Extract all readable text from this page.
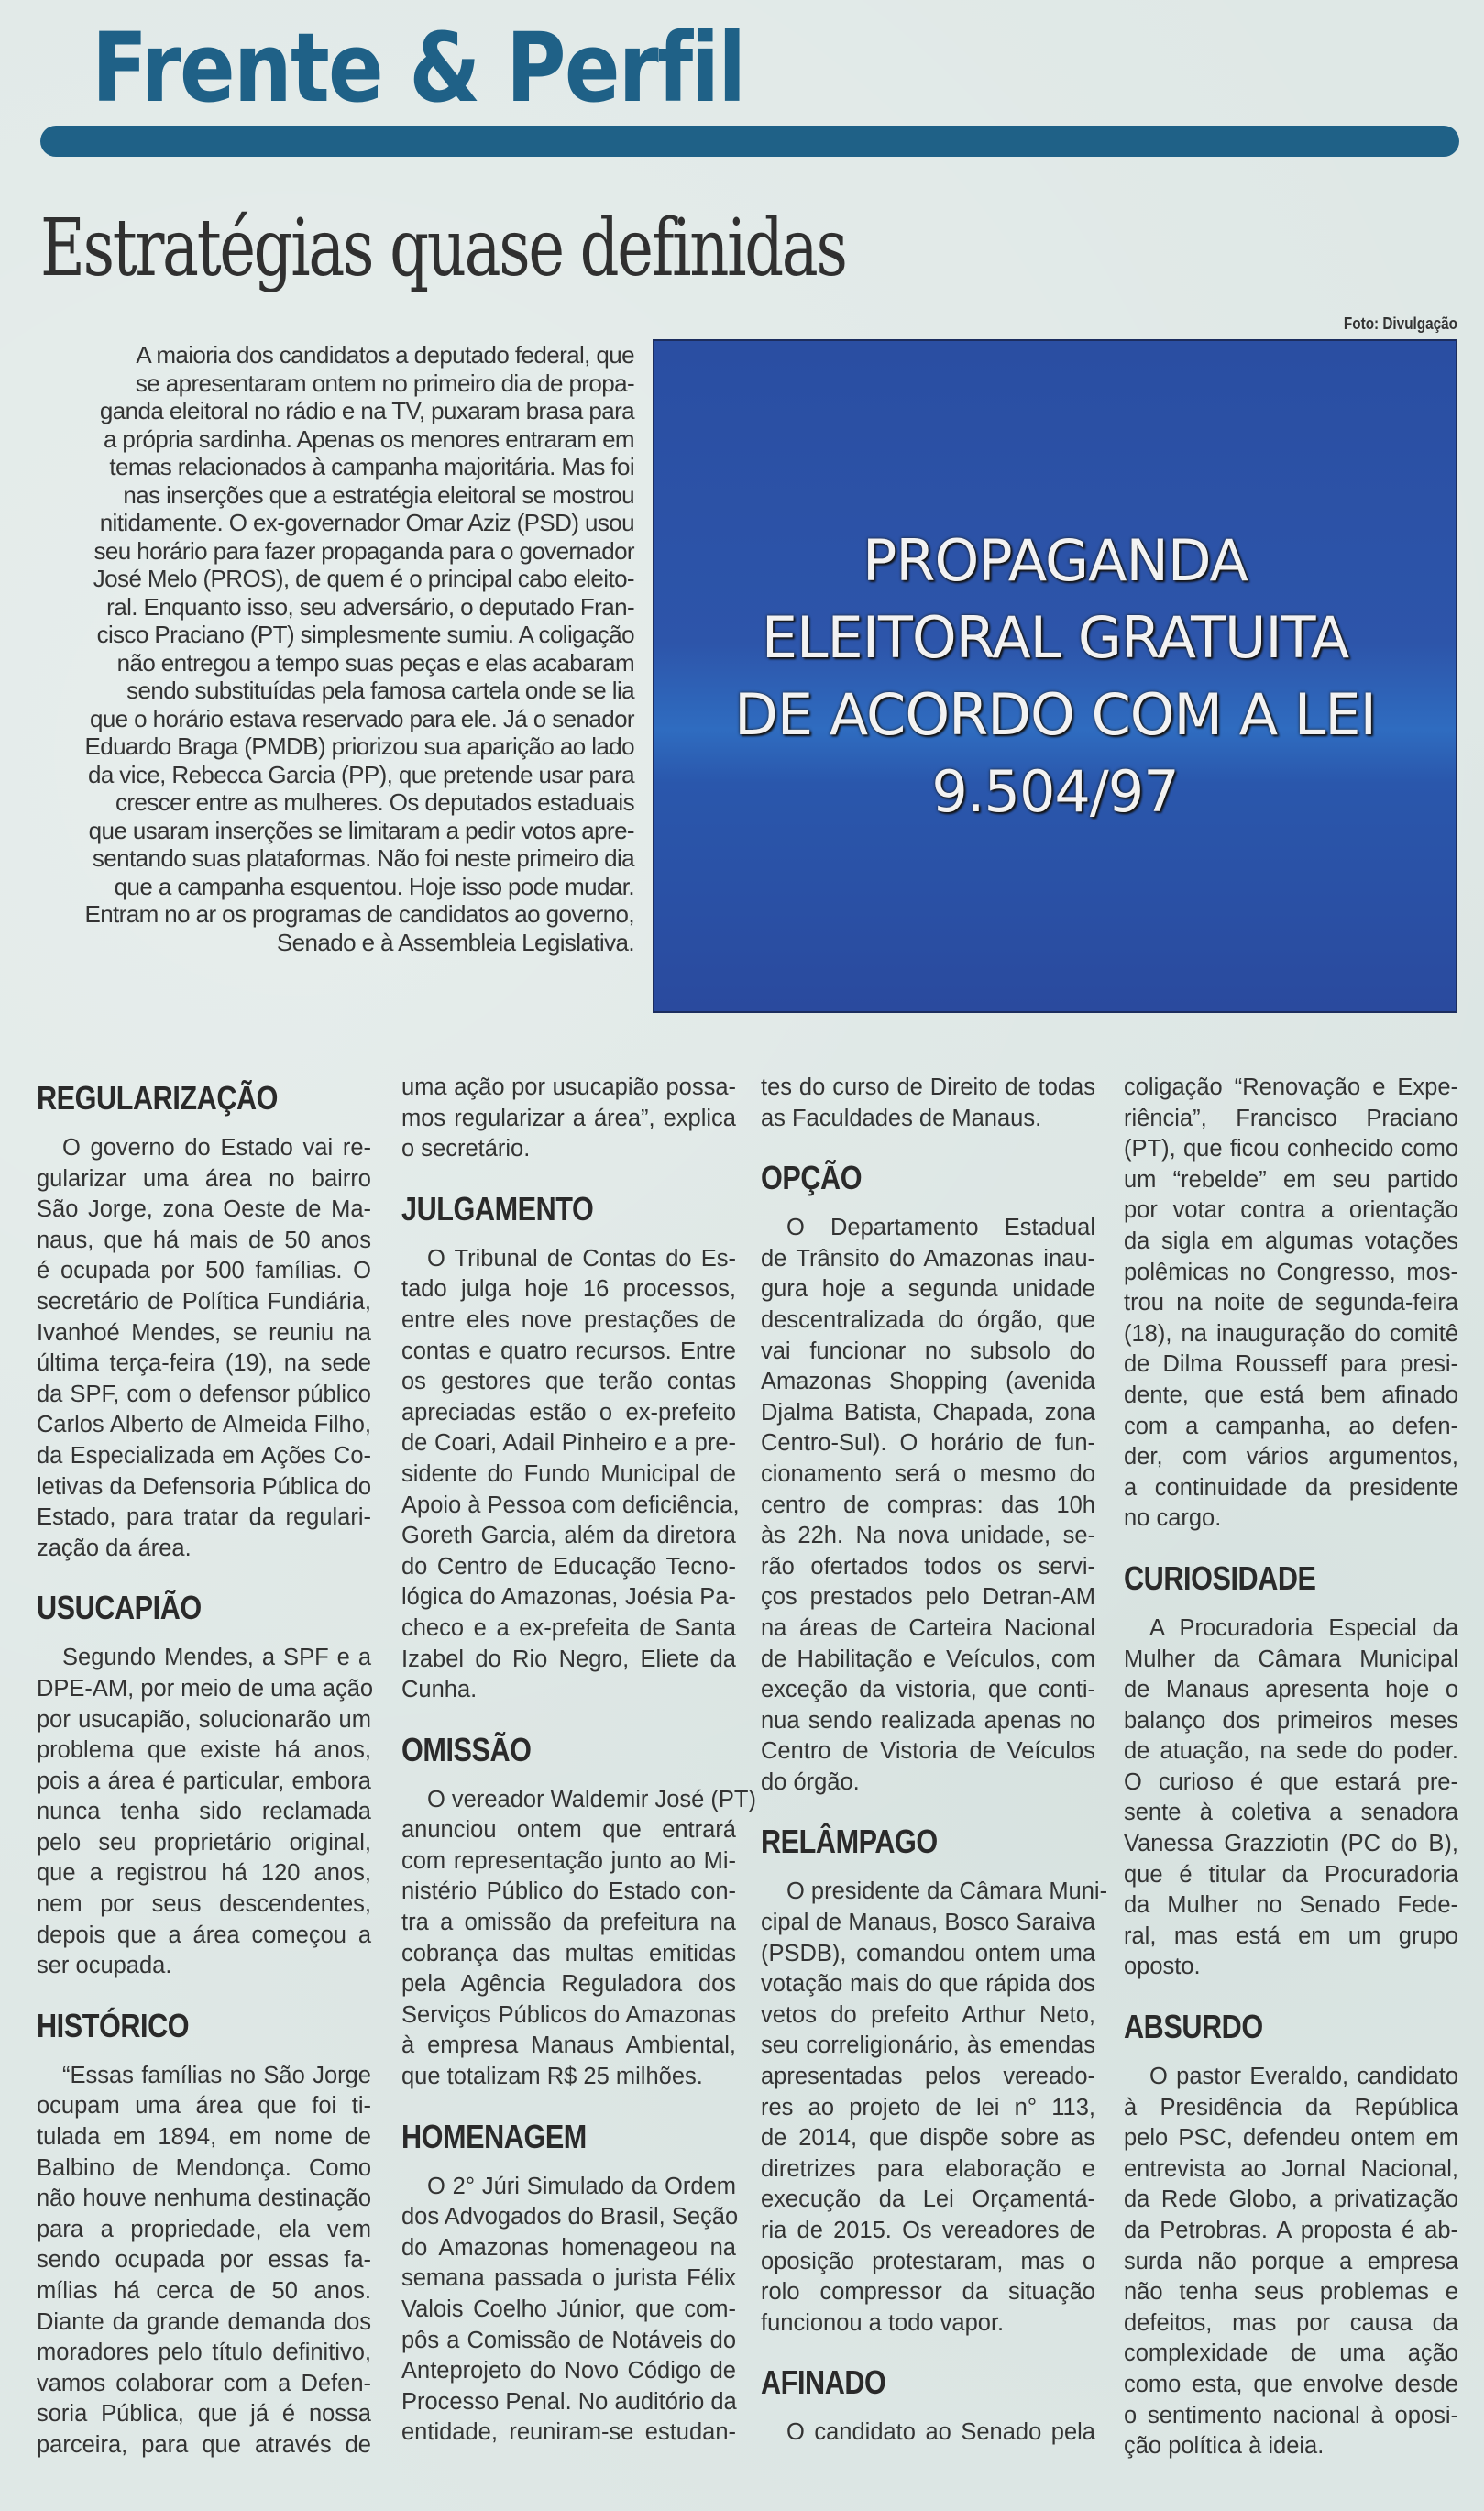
Frente & Perfil
Estratégias quase definidas
Foto: Divulgação
A maioria dos candidatos a deputado federal, que
se apresentaram ontem no primeiro dia de propa-
ganda eleitoral no rádio e na TV, puxaram brasa para
a própria sardinha. Apenas os menores entraram em
temas relacionados à campanha majoritária. Mas foi
nas inserções que a estratégia eleitoral se mostrou
nitidamente. O ex-governador Omar Aziz (PSD) usou
seu horário para fazer propaganda para o governador
José Melo (PROS), de quem é o principal cabo eleito-
ral. Enquanto isso, seu adversário, o deputado Fran-
cisco Praciano (PT) simplesmente sumiu. A coligação
não entregou a tempo suas peças e elas acabaram
sendo substituídas pela famosa cartela onde se lia
que o horário estava reservado para ele. Já o senador
Eduardo Braga (PMDB) priorizou sua aparição ao lado
da vice, Rebecca Garcia (PP), que pretende usar para
crescer entre as mulheres. Os deputados estaduais
que usaram inserções se limitaram a pedir votos apre-
sentando suas plataformas. Não foi neste primeiro dia
que a campanha esquentou. Hoje isso pode mudar.
Entram no ar os programas de candidatos ao governo,
Senado e à Assembleia Legislativa.
PROPAGANDA
ELEITORAL GRATUITA
DE ACORDO COM A LEI
9.504/97
REGULARIZAÇÃO
O governo do Estado vai re-
gularizar uma área no bairro
São Jorge, zona Oeste de Ma-
naus, que há mais de 50 anos
é ocupada por 500 famílias. O
secretário de Política Fundiária,
Ivanhoé Mendes, se reuniu na
última terça-feira (19), na sede
da SPF, com o defensor público
Carlos Alberto de Almeida Filho,
da Especializada em Ações Co-
letivas da Defensoria Pública do
Estado, para tratar da regulari-
zação da área.
USUCAPIÃO
Segundo Mendes, a SPF e a
DPE-AM, por meio de uma ação
por usucapião, solucionarão um
problema que existe há anos,
pois a área é particular, embora
nunca tenha sido reclamada
pelo seu proprietário original,
que a registrou há 120 anos,
nem por seus descendentes,
depois que a área começou a
ser ocupada.
HISTÓRICO
“Essas famílias no São Jorge
ocupam uma área que foi ti-
tulada em 1894, em nome de
Balbino de Mendonça. Como
não houve nenhuma destinação
para a propriedade, ela vem
sendo ocupada por essas fa-
mílias há cerca de 50 anos.
Diante da grande demanda dos
moradores pelo título definitivo,
vamos colaborar com a Defen-
soria Pública, que já é nossa
parceira, para que através de
uma ação por usucapião possa-
mos regularizar a área”, explica
o secretário.
JULGAMENTO
O Tribunal de Contas do Es-
tado julga hoje 16 processos,
entre eles nove prestações de
contas e quatro recursos. Entre
os gestores que terão contas
apreciadas estão o ex-prefeito
de Coari, Adail Pinheiro e a pre-
sidente do Fundo Municipal de
Apoio à Pessoa com deficiência,
Goreth Garcia, além da diretora
do Centro de Educação Tecno-
lógica do Amazonas, Joésia Pa-
checo e a ex-prefeita de Santa
Izabel do Rio Negro, Eliete da
Cunha.
OMISSÃO
O vereador Waldemir José (PT)
anunciou ontem que entrará
com representação junto ao Mi-
nistério Público do Estado con-
tra a omissão da prefeitura na
cobrança das multas emitidas
pela Agência Reguladora dos
Serviços Públicos do Amazonas
à empresa Manaus Ambiental,
que totalizam R$ 25 milhões.
HOMENAGEM
O 2° Júri Simulado da Ordem
dos Advogados do Brasil, Seção
do Amazonas homenageou na
semana passada o jurista Félix
Valois Coelho Júnior, que com-
pôs a Comissão de Notáveis do
Anteprojeto do Novo Código de
Processo Penal. No auditório da
entidade, reuniram-se estudan-
tes do curso de Direito de todas
as Faculdades de Manaus.
OPÇÃO
O Departamento Estadual
de Trânsito do Amazonas inau-
gura hoje a segunda unidade
descentralizada do órgão, que
vai funcionar no subsolo do
Amazonas Shopping (avenida
Djalma Batista, Chapada, zona
Centro-Sul). O horário de fun-
cionamento será o mesmo do
centro de compras: das 10h
às 22h. Na nova unidade, se-
rão ofertados todos os servi-
ços prestados pelo Detran-AM
na áreas de Carteira Nacional
de Habilitação e Veículos, com
exceção da vistoria, que conti-
nua sendo realizada apenas no
Centro de Vistoria de Veículos
do órgão.
RELÂMPAGO
O presidente da Câmara Muni-
cipal de Manaus, Bosco Saraiva
(PSDB), comandou ontem uma
votação mais do que rápida dos
vetos do prefeito Arthur Neto,
seu correligionário, às emendas
apresentadas pelos vereado-
res ao projeto de lei n° 113,
de 2014, que dispõe sobre as
diretrizes para elaboração e
execução da Lei Orçamentá-
ria de 2015. Os vereadores de
oposição protestaram, mas o
rolo compressor da situação
funcionou a todo vapor.
AFINADO
O candidato ao Senado pela
coligação “Renovação e Expe-
riência”, Francisco Praciano
(PT), que ficou conhecido como
um “rebelde” em seu partido
por votar contra a orientação
da sigla em algumas votações
polêmicas no Congresso, mos-
trou na noite de segunda-feira
(18), na inauguração do comitê
de Dilma Rousseff para presi-
dente, que está bem afinado
com a campanha, ao defen-
der, com vários argumentos,
a continuidade da presidente
no cargo.
CURIOSIDADE
A Procuradoria Especial da
Mulher da Câmara Municipal
de Manaus apresenta hoje o
balanço dos primeiros meses
de atuação, na sede do poder.
O curioso é que estará pre-
sente à coletiva a senadora
Vanessa Grazziotin (PC do B),
que é titular da Procuradoria
da Mulher no Senado Fede-
ral, mas está em um grupo
oposto.
ABSURDO
O pastor Everaldo, candidato
à Presidência da República
pelo PSC, defendeu ontem em
entrevista ao Jornal Nacional,
da Rede Globo, a privatização
da Petrobras. A proposta é ab-
surda não porque a empresa
não tenha seus problemas e
defeitos, mas por causa da
complexidade de uma ação
como esta, que envolve desde
o sentimento nacional à oposi-
ção política à ideia.
